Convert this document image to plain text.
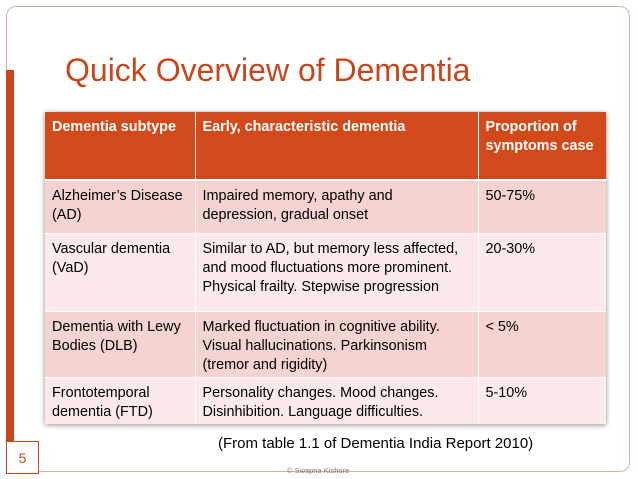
Quick Overview of Dementia
Dementia subtype	Early, characteristic dementia	Proportion of symptoms case
Alzheimer’s Disease (AD)	Impaired memory, apathy and depression, gradual onset	50-75%
Vascular dementia (VaD)	Similar to AD, but memory less affected, and mood fluctuations more prominent. Physical frailty. Stepwise progression	20-30%
Dementia with Lewy Bodies (DLB)	Marked fluctuation in cognitive ability. Visual hallucinations. Parkinsonism (tremor and rigidity)	< 5%
Frontotemporal dementia (FTD)	Personality changes. Mood changes. Disinhibition. Language difficulties.	5-10%
5
(From table 1.1 of Dementia India Report 2010)
© Swapna Kishore
